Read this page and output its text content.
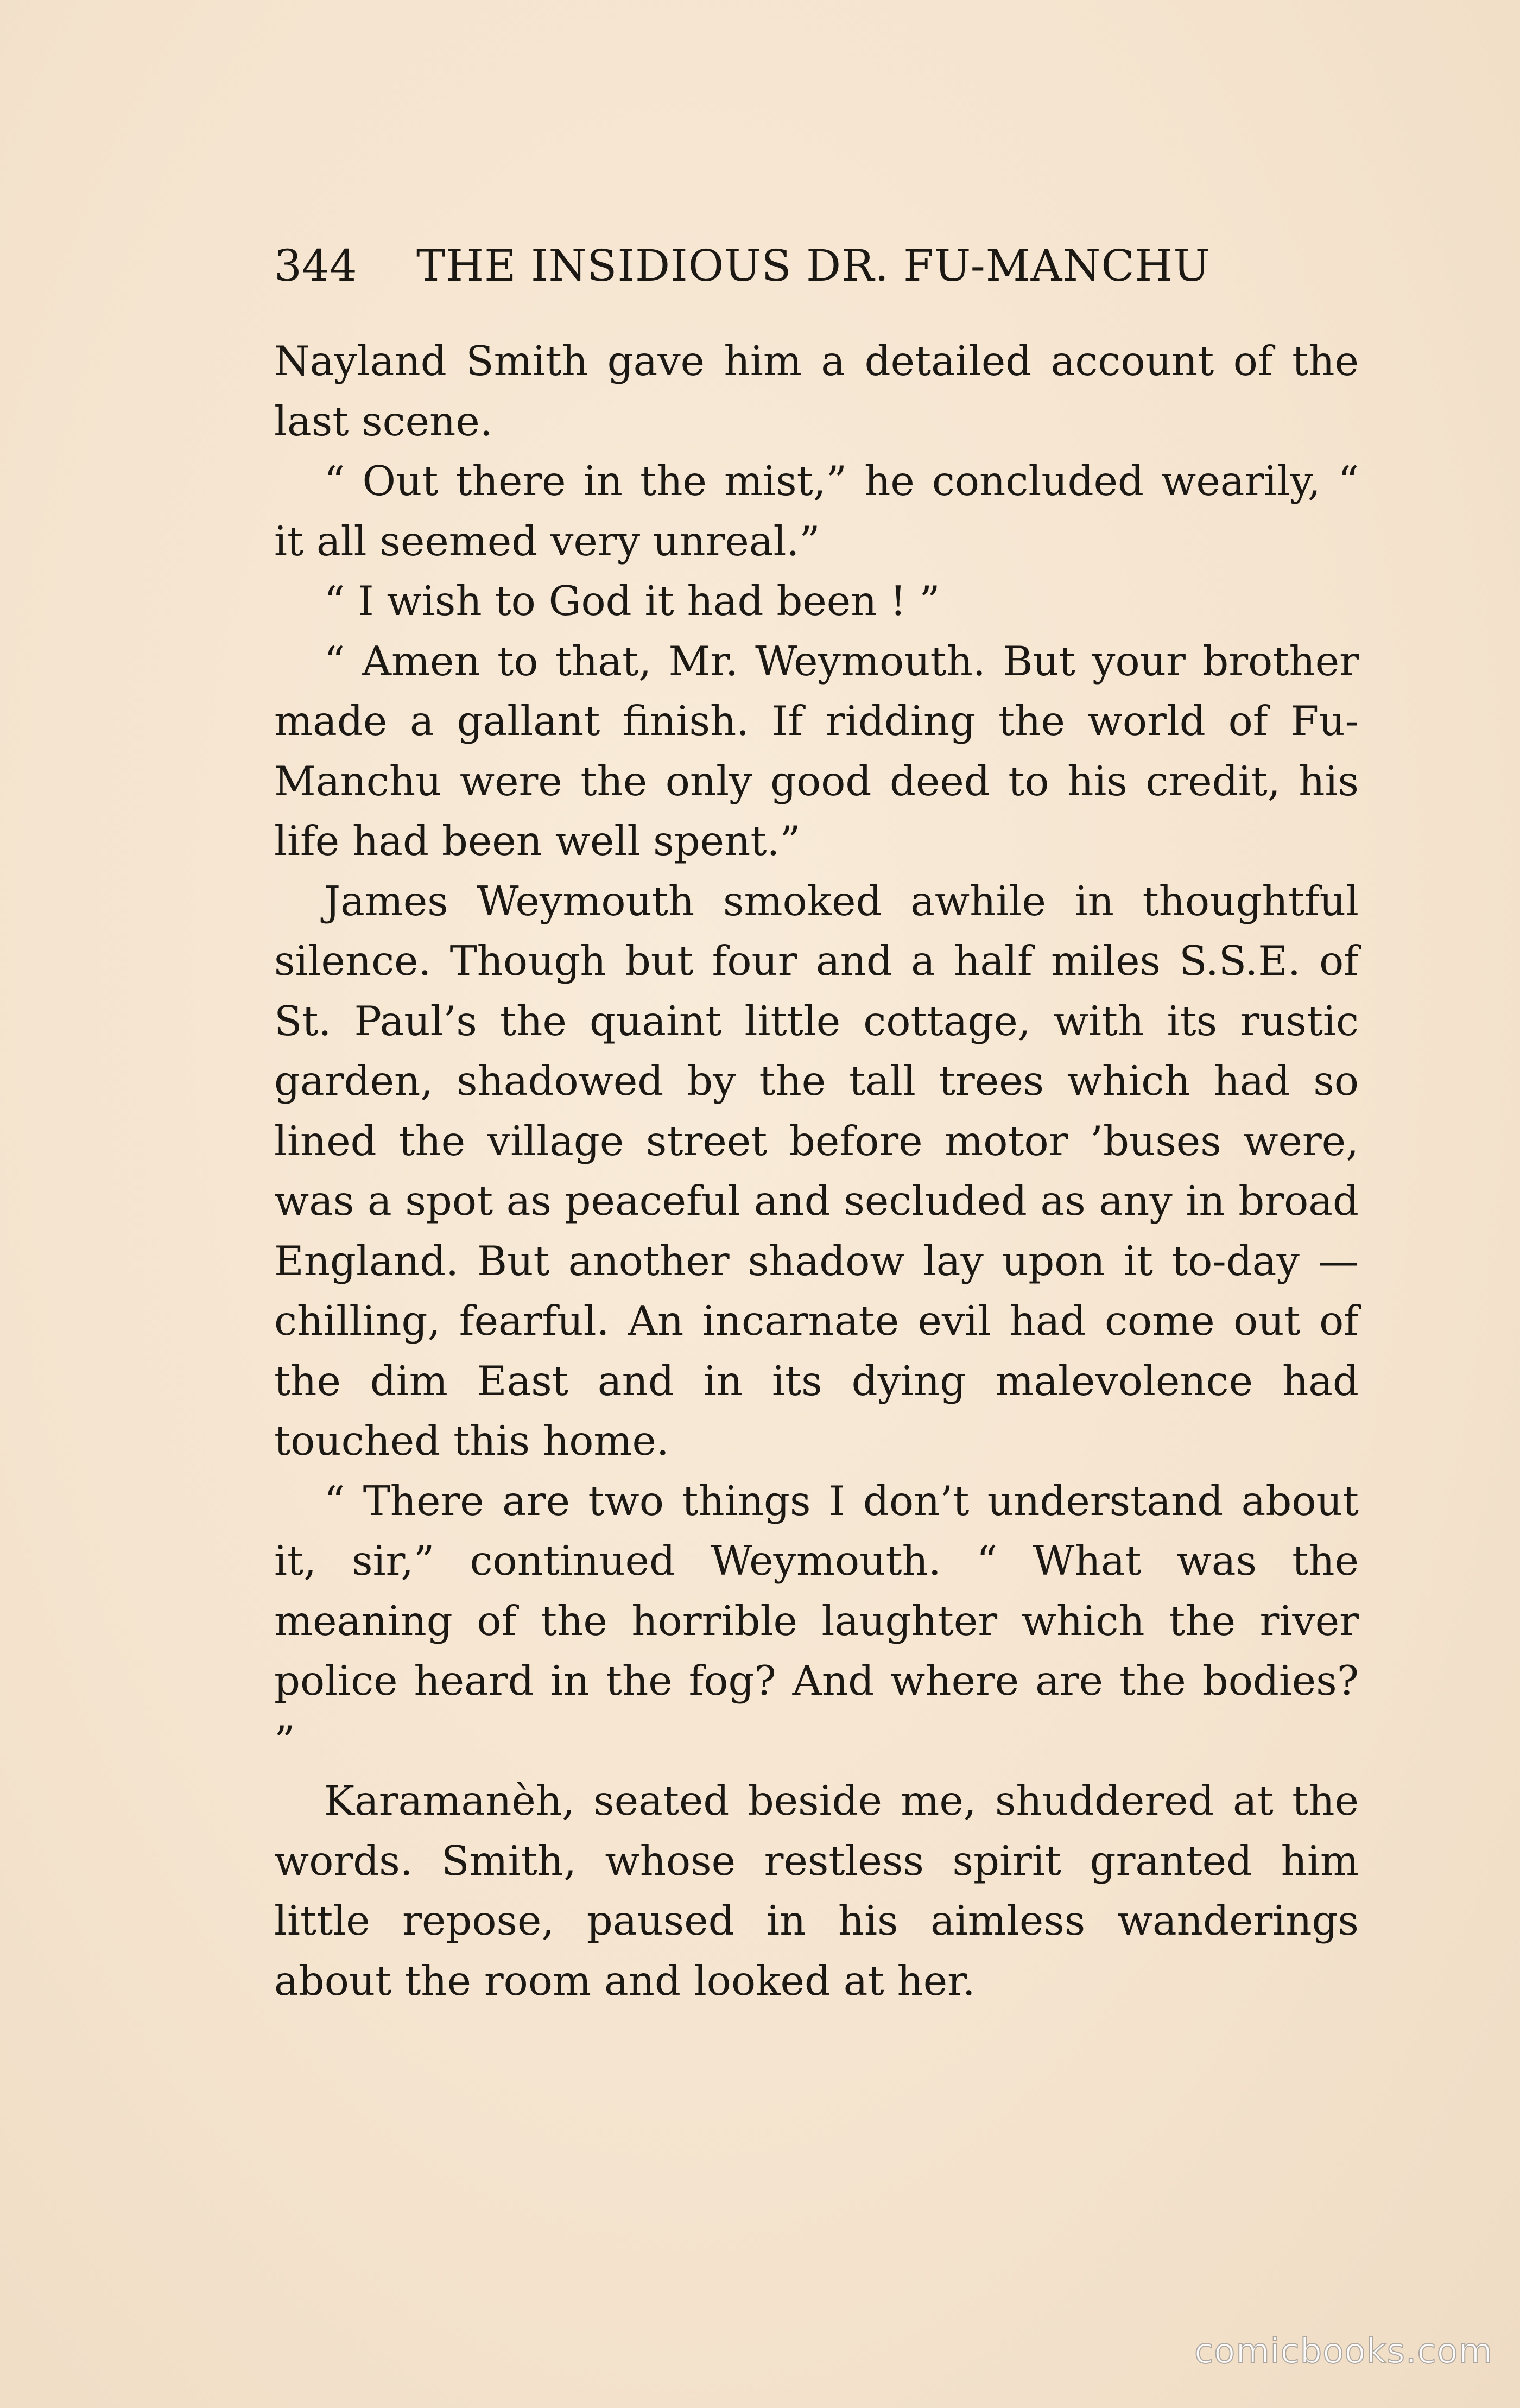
344	THE INSIDIOUS DR. FU-MANCHU

Nayland Smith gave him a detailed account of the last scene.

“ Out there in the mist,” he concluded wearily, “ it all seemed very unreal.”

“ I wish to God it had been ! ”

“ Amen to that, Mr. Weymouth. But your brother made a gallant finish. If ridding the world of Fu-Manchu were the only good deed to his credit, his life had been well spent.”

James Weymouth smoked awhile in thoughtful silence. Though but four and a half miles S.S.E. of St. Paul’s the quaint little cottage, with its rustic garden, shadowed by the tall trees which had so lined the village street before motor ’buses were, was a spot as peaceful and secluded as any in broad England. But another shadow lay upon it to-day — chilling, fearful. An incarnate evil had come out of the dim East and in its dying malevolence had touched this home.

“ There are two things I don’t understand about it, sir,” continued Weymouth. “ What was the meaning of the horrible laughter which the river police heard in the fog? And where are the bodies? ”

Karamanèh, seated beside me, shuddered at the words. Smith, whose restless spirit granted him little repose, paused in his aimless wanderings about the room and looked at her.

comicbooks.com
